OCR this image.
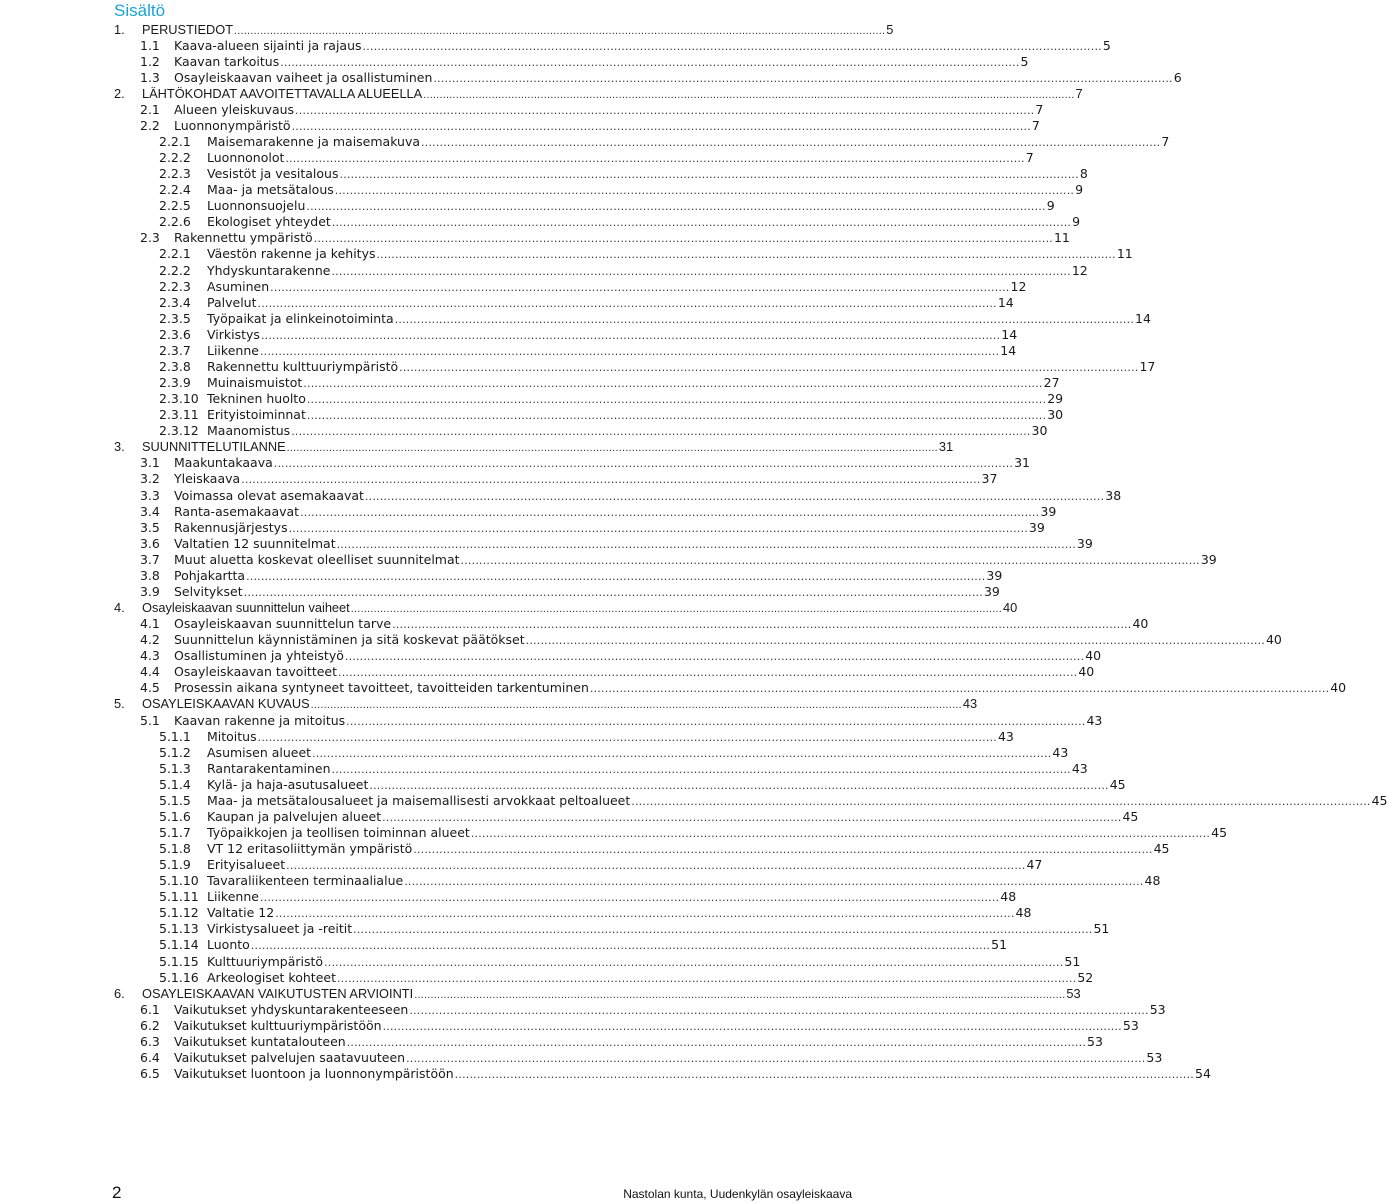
Sisältö
1.	PERUSTIEDOT ........................................................................................................................................................................................................ 5
1.1	Kaava-alueen sijainti ja rajaus ........................................................................................................................................................................................................ 5
1.2	Kaavan tarkoitus ........................................................................................................................................................................................................ 5
1.3	Osayleiskaavan vaiheet ja osallistuminen ........................................................................................................................................................................................................ 6
2.	LÄHTÖKOHDAT AAVOITETTAVALLA ALUEELLA ........................................................................................................................................................................................................ 7
2.1	Alueen yleiskuvaus ........................................................................................................................................................................................................ 7
2.2	Luonnonympäristö ........................................................................................................................................................................................................ 7
2.2.1	Maisemarakenne ja maisemakuva ........................................................................................................................................................................................................ 7
2.2.2	Luonnonolot ........................................................................................................................................................................................................ 7
2.2.3	Vesistöt ja vesitalous ........................................................................................................................................................................................................ 8
2.2.4	Maa- ja metsätalous ........................................................................................................................................................................................................ 9
2.2.5	Luonnonsuojelu ........................................................................................................................................................................................................ 9
2.2.6	Ekologiset yhteydet ........................................................................................................................................................................................................ 9
2.3	Rakennettu ympäristö ........................................................................................................................................................................................................ 11
2.2.1	Väestön rakenne ja kehitys ........................................................................................................................................................................................................ 11
2.2.2	Yhdyskuntarakenne ........................................................................................................................................................................................................ 12
2.2.3	Asuminen ........................................................................................................................................................................................................ 12
2.3.4	Palvelut ........................................................................................................................................................................................................ 14
2.3.5	Työpaikat ja elinkeinotoiminta ........................................................................................................................................................................................................ 14
2.3.6	Virkistys ........................................................................................................................................................................................................ 14
2.3.7	Liikenne ........................................................................................................................................................................................................ 14
2.3.8	Rakennettu kulttuuriympäristö ........................................................................................................................................................................................................ 17
2.3.9	Muinaismuistot ........................................................................................................................................................................................................ 27
2.3.10 Tekninen huolto ........................................................................................................................................................................................................ 29
2.3.11 Erityistoiminnat ........................................................................................................................................................................................................ 30
2.3.12 Maanomistus ........................................................................................................................................................................................................ 30
3.	SUUNNITTELUTILANNE ........................................................................................................................................................................................................ 31
3.1	Maakuntakaava ........................................................................................................................................................................................................ 31
3.2	Yleiskaava ........................................................................................................................................................................................................ 37
3.3	Voimassa olevat asemakaavat ........................................................................................................................................................................................................ 38
3.4	Ranta-asemakaavat ........................................................................................................................................................................................................ 39
3.5	Rakennusjärjestys ........................................................................................................................................................................................................ 39
3.6	Valtatien 12 suunnitelmat ........................................................................................................................................................................................................ 39
3.7	Muut aluetta koskevat oleelliset suunnitelmat ........................................................................................................................................................................................................ 39
3.8	Pohjakartta ........................................................................................................................................................................................................ 39
3.9	Selvitykset ........................................................................................................................................................................................................ 39
4.	Osayleiskaavan suunnittelun vaiheet ........................................................................................................................................................................................................ 40
4.1	Osayleiskaavan suunnittelun tarve ........................................................................................................................................................................................................ 40
4.2	Suunnittelun käynnistäminen ja sitä koskevat päätökset ........................................................................................................................................................................................................ 40
4.3	Osallistuminen ja yhteistyö ........................................................................................................................................................................................................ 40
4.4	Osayleiskaavan tavoitteet ........................................................................................................................................................................................................ 40
4.5	Prosessin aikana syntyneet tavoitteet, tavoitteiden tarkentuminen ........................................................................................................................................................................................................ 40
5.	OSAYLEISKAAVAN KUVAUS ........................................................................................................................................................................................................ 43
5.1	Kaavan rakenne ja mitoitus ........................................................................................................................................................................................................ 43
5.1.1	Mitoitus ........................................................................................................................................................................................................ 43
5.1.2	Asumisen alueet ........................................................................................................................................................................................................ 43
5.1.3	Rantarakentaminen ........................................................................................................................................................................................................ 43
5.1.4	Kylä- ja haja-asutusalueet ........................................................................................................................................................................................................ 45
5.1.5	Maa- ja metsätalousalueet ja maisemallisesti arvokkaat peltoalueet ........................................................................................................................................................................................................ 45
5.1.6	Kaupan ja palvelujen alueet ........................................................................................................................................................................................................ 45
5.1.7	Työpaikkojen ja teollisen toiminnan alueet ........................................................................................................................................................................................................ 45
5.1.8	VT 12 eritasoliittymän ympäristö ........................................................................................................................................................................................................ 45
5.1.9	Erityisalueet ........................................................................................................................................................................................................ 47
5.1.10 Tavaraliikenteen terminaalialue ........................................................................................................................................................................................................ 48
5.1.11 Liikenne ........................................................................................................................................................................................................ 48
5.1.12 Valtatie 12 ........................................................................................................................................................................................................ 48
5.1.13 Virkistysalueet ja -reitit ........................................................................................................................................................................................................ 51
5.1.14 Luonto ........................................................................................................................................................................................................ 51
5.1.15 Kulttuuriympäristö ........................................................................................................................................................................................................ 51
5.1.16 Arkeologiset kohteet ........................................................................................................................................................................................................ 52
6.	OSAYLEISKAAVAN VAIKUTUSTEN ARVIOINTI ........................................................................................................................................................................................................ 53
6.1	Vaikutukset yhdyskuntarakenteeseen ........................................................................................................................................................................................................ 53
6.2	Vaikutukset kulttuuriympäristöön ........................................................................................................................................................................................................ 53
6.3	Vaikutukset kuntatalouteen ........................................................................................................................................................................................................ 53
6.4	Vaikutukset palvelujen saatavuuteen ........................................................................................................................................................................................................ 53
6.5	Vaikutukset luontoon ja luonnonympäristöön ........................................................................................................................................................................................................ 54
2	Nastolan kunta, Uudenkylän osayleiskaava
